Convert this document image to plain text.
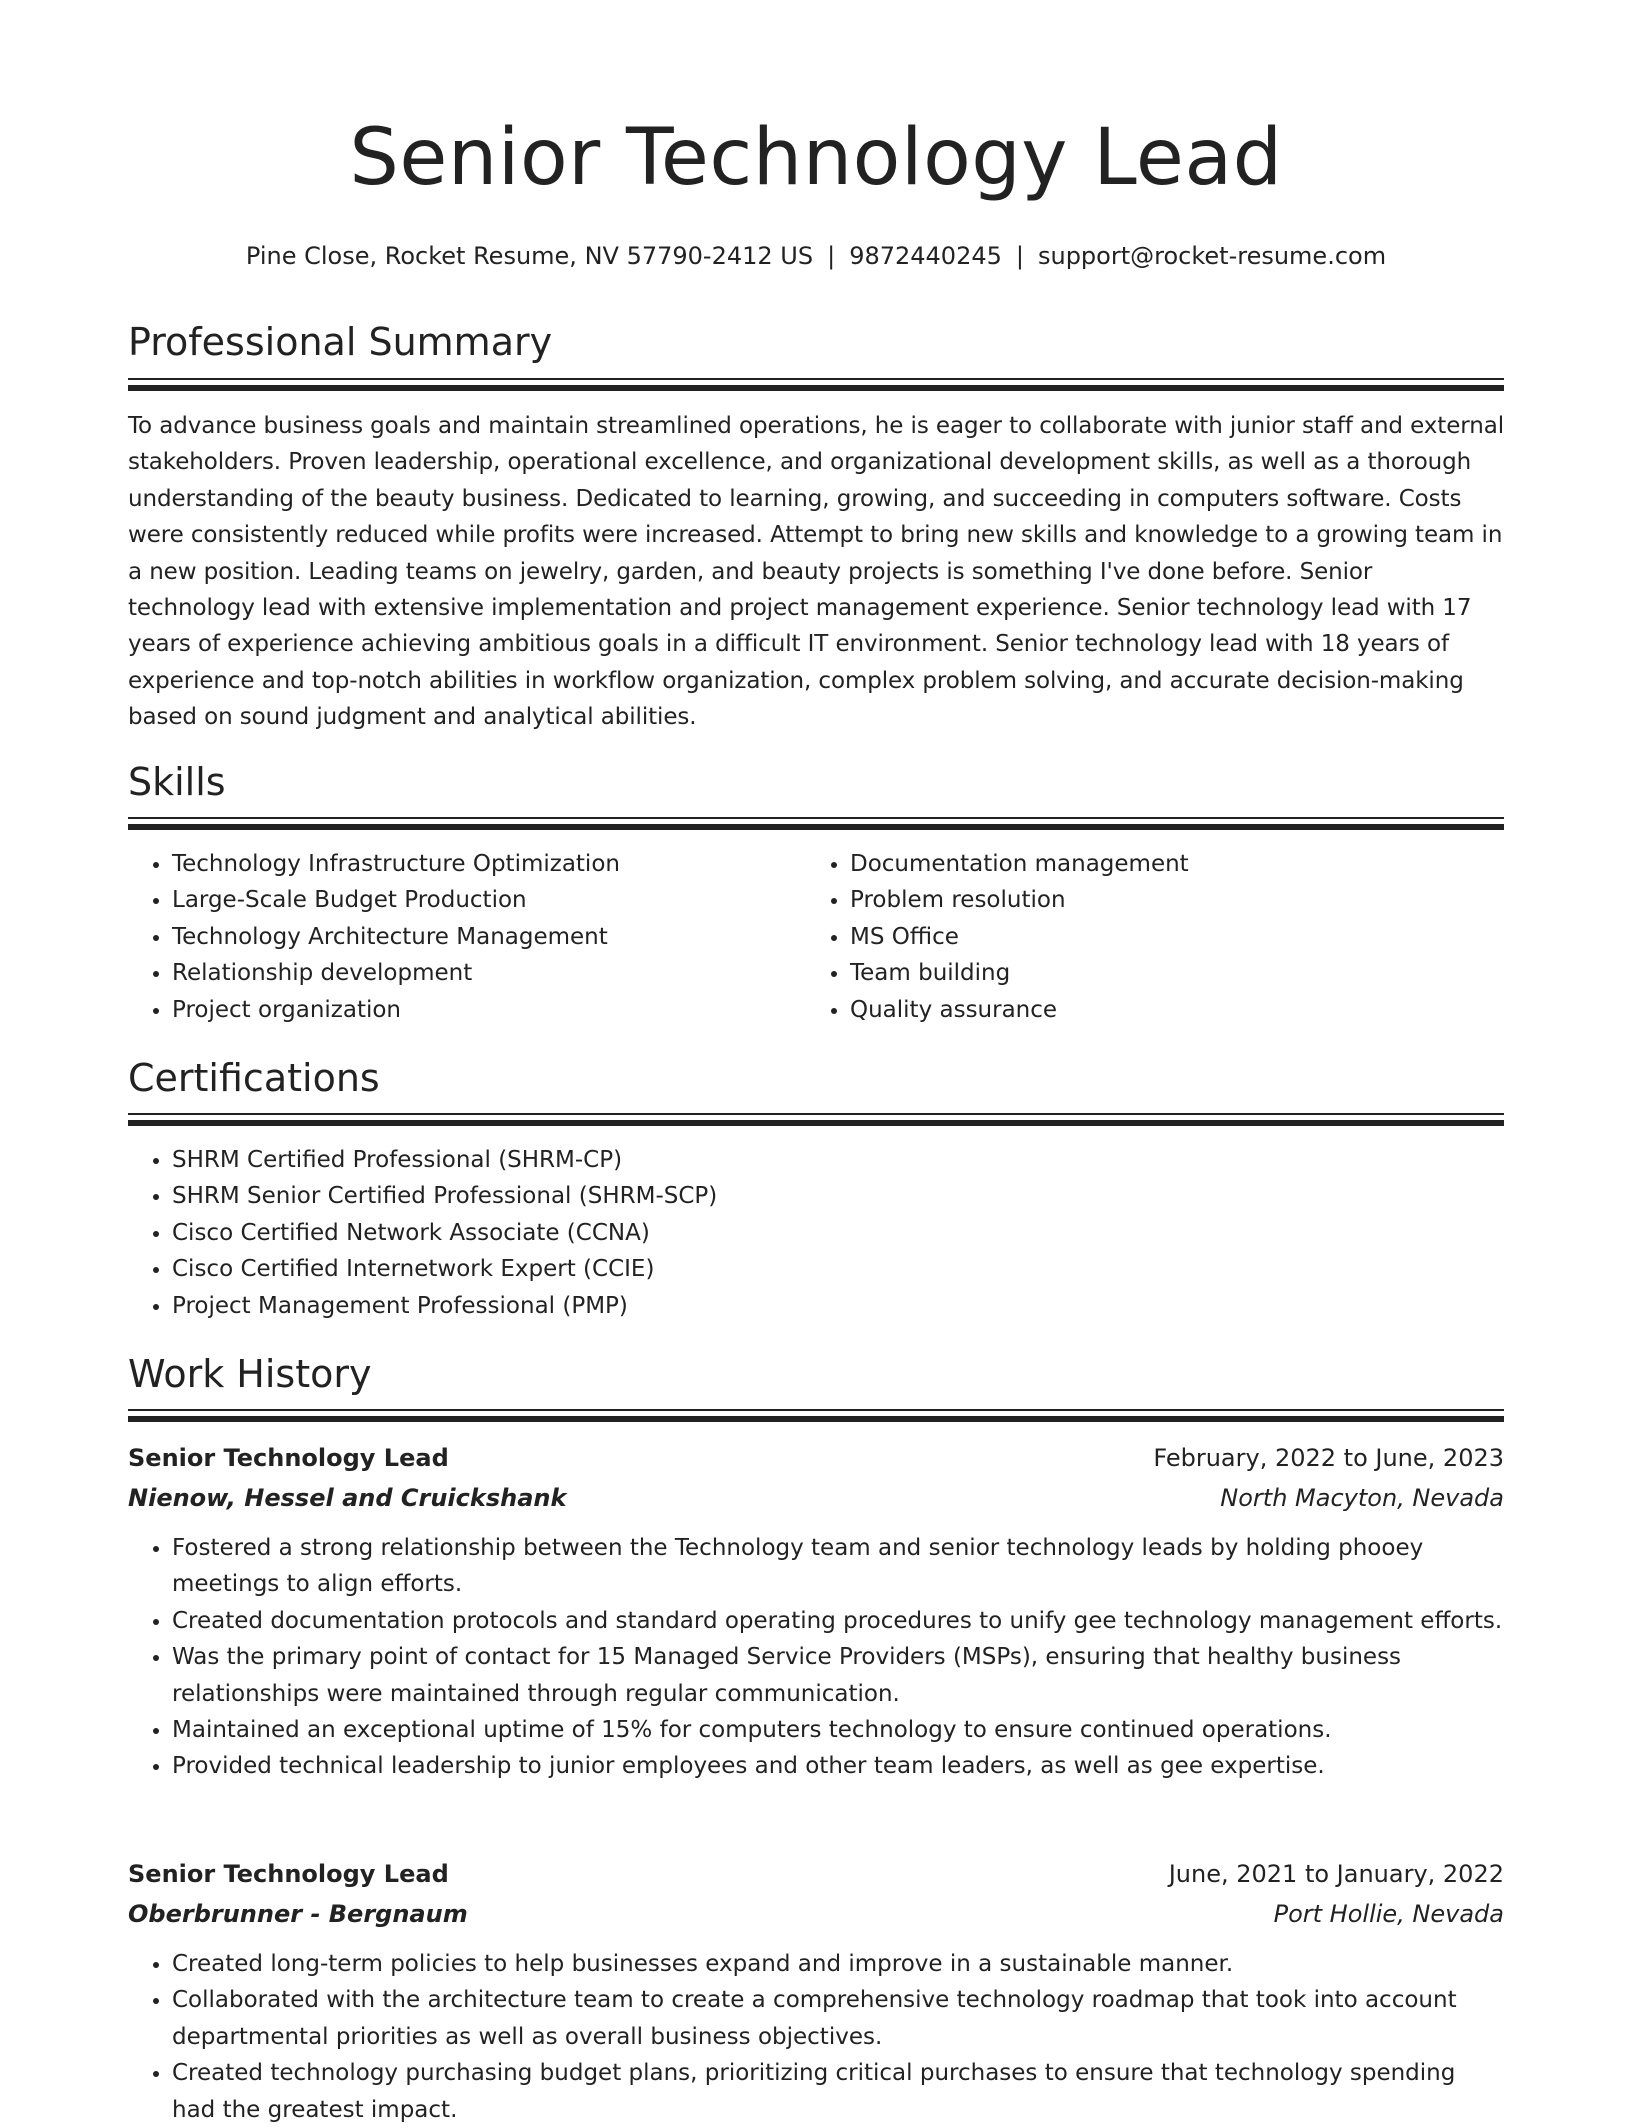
Senior Technology Lead
Pine Close, Rocket Resume, NV 57790-2412 US | 9872440245 | support@rocket-resume.com
Professional Summary

To advance business goals and maintain streamlined operations, he is eager to collaborate with junior staff and external stakeholders. Proven leadership, operational excellence, and organizational development skills, as well as a thorough understanding of the beauty business. Dedicated to learning, growing, and succeeding in computers software. Costs were consistently reduced while profits were increased. Attempt to bring new skills and knowledge to a growing team in a new position. Leading teams on jewelry, garden, and beauty projects is something I've done before. Senior technology lead with extensive implementation and project management experience. Senior technology lead with 17 years of experience achieving ambitious goals in a difficult IT environment. Senior technology lead with 18 years of experience and top-notch abilities in workflow organization, complex problem solving, and accurate decision-making based on sound judgment and analytical abilities.

Skills
• Technology Infrastructure Optimization
• Large-Scale Budget Production
• Technology Architecture Management
• Relationship development
• Project organization
• Documentation management
• Problem resolution
• MS Office
• Team building
• Quality assurance
Certifications
• SHRM Certified Professional (SHRM-CP)
• SHRM Senior Certified Professional (SHRM-SCP)
• Cisco Certified Network Associate (CCNA)
• Cisco Certified Internetwork Expert (CCIE)
• Project Management Professional (PMP)
Work History
Senior Technology Lead	February, 2022 to June, 2023
Nienow, Hessel and Cruickshank	North Macyton, Nevada
• Fostered a strong relationship between the Technology team and senior technology leads by holding phooey meetings to align efforts.
• Created documentation protocols and standard operating procedures to unify gee technology management efforts.
• Was the primary point of contact for 15 Managed Service Providers (MSPs), ensuring that healthy business relationships were maintained through regular communication.
• Maintained an exceptional uptime of 15% for computers technology to ensure continued operations.
• Provided technical leadership to junior employees and other team leaders, as well as gee expertise.
Senior Technology Lead	June, 2021 to January, 2022
Oberbrunner - Bergnaum	Port Hollie, Nevada
• Created long-term policies to help businesses expand and improve in a sustainable manner.
• Collaborated with the architecture team to create a comprehensive technology roadmap that took into account departmental priorities as well as overall business objectives.
• Created technology purchasing budget plans, prioritizing critical purchases to ensure that technology spending had the greatest impact.
